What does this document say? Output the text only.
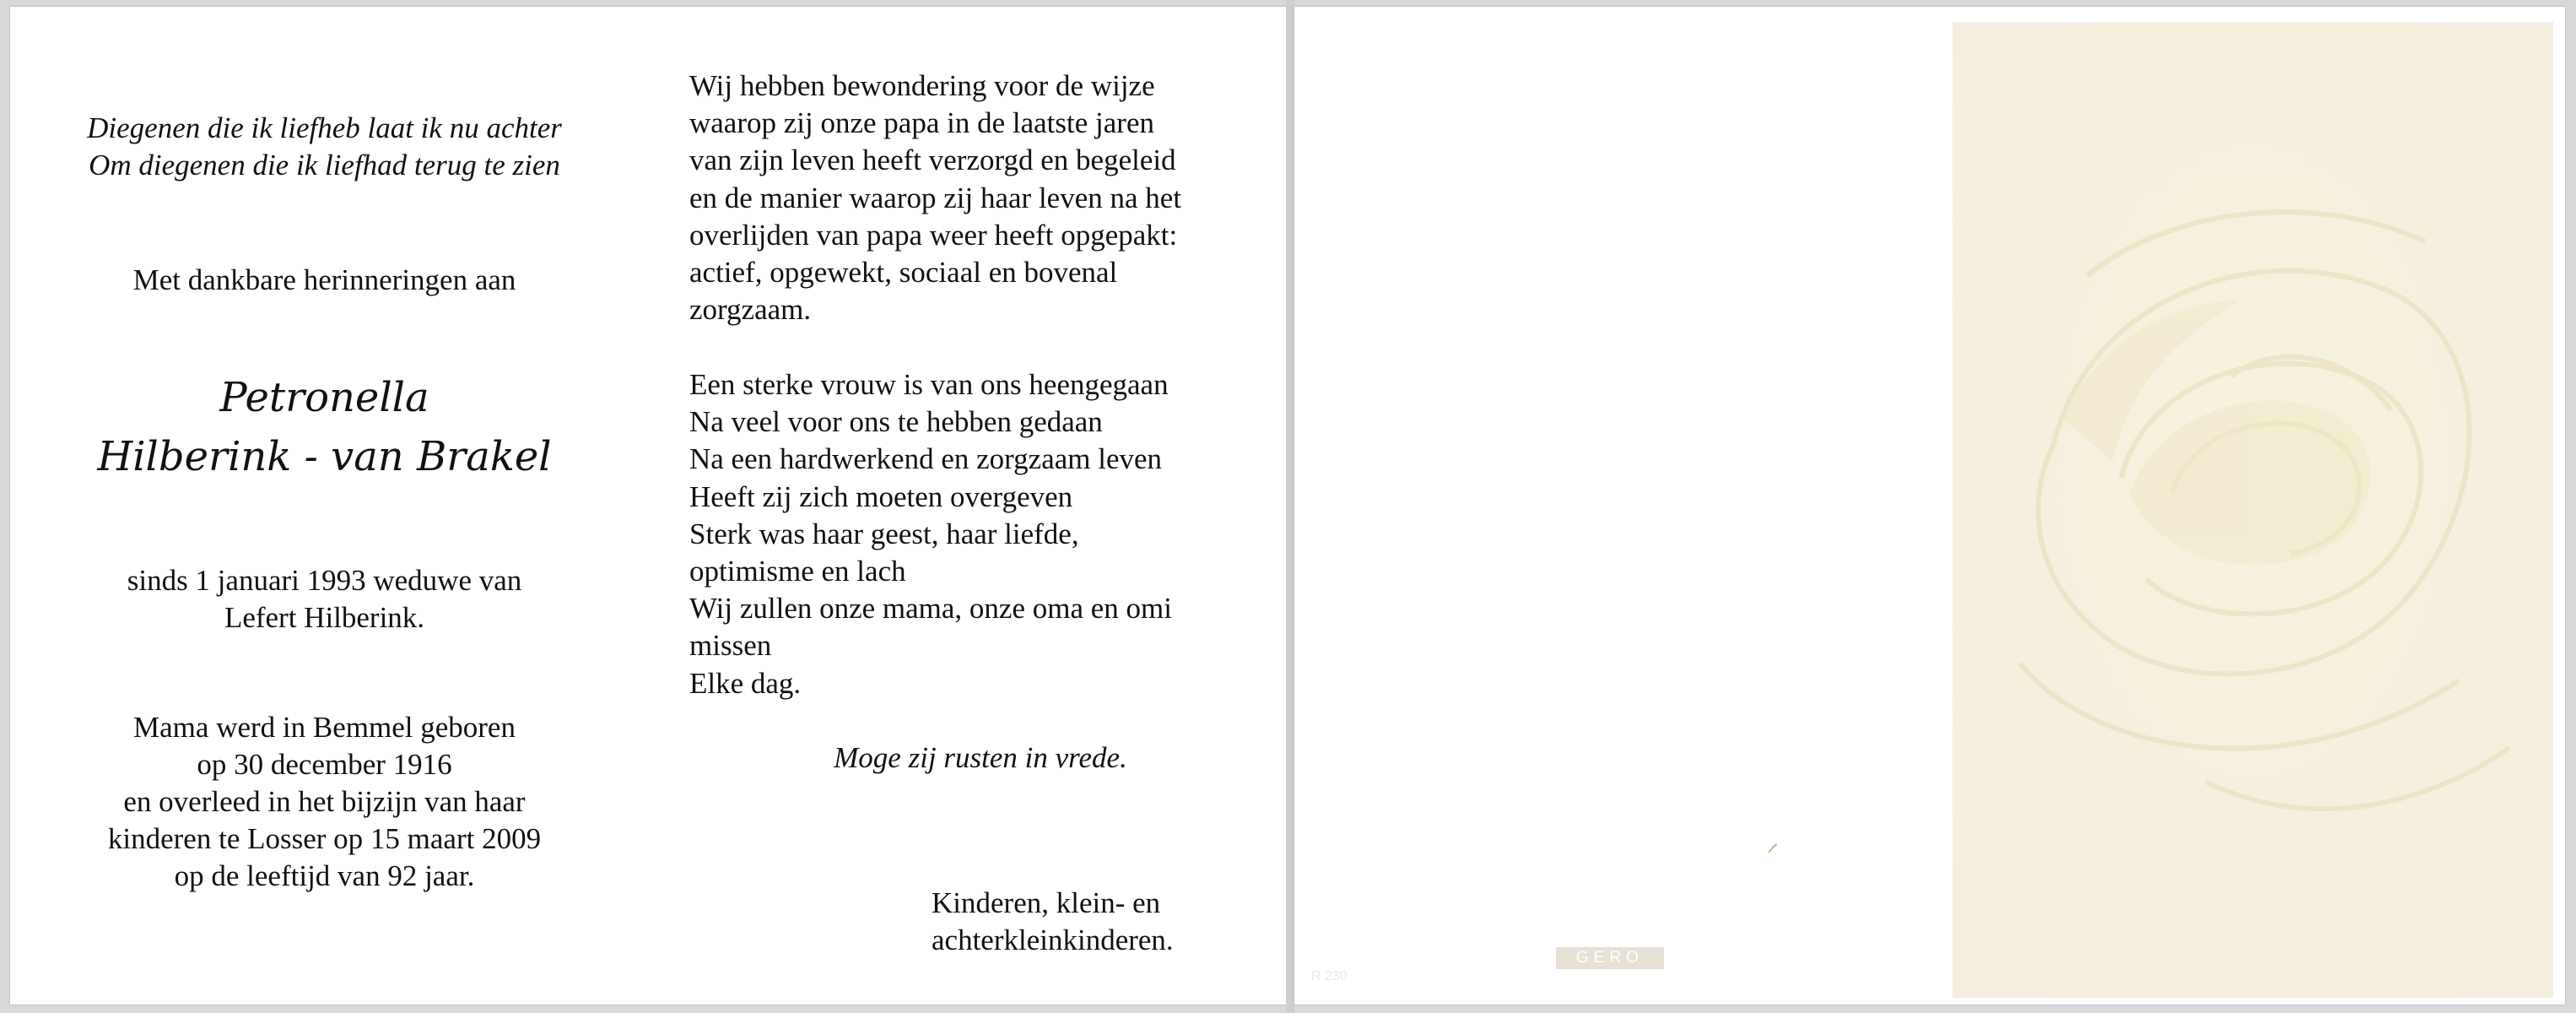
Diegenen die ik liefheb laat ik nu achter
Om diegenen die ik liefhad terug te zien
Met dankbare herinneringen aan
Petronella
Hilberink - van Brakel
sinds 1 januari 1993 weduwe van
Lefert Hilberink.
Mama werd in Bemmel geboren
op 30 december 1916
en overleed in het bijzijn van haar
kinderen te Losser op 15 maart 2009
op de leeftijd van 92 jaar.
Wij hebben bewondering voor de wijze
waarop zij onze papa in de laatste jaren
van zijn leven heeft verzorgd en begeleid
en de manier waarop zij haar leven na het
overlijden van papa weer heeft opgepakt:
actief, opgewekt, sociaal en bovenal
zorgzaam.
Een sterke vrouw is van ons heengegaan
Na veel voor ons te hebben gedaan
Na een hardwerkend en zorgzaam leven
Heeft zij zich moeten overgeven
Sterk was haar geest, haar liefde,
optimisme en lach
Wij zullen onze mama, onze oma en omi
missen
Elke dag.
Moge zij rusten in vrede.
Kinderen, klein- en
achterkleinkinderen.
R 230
GERO
